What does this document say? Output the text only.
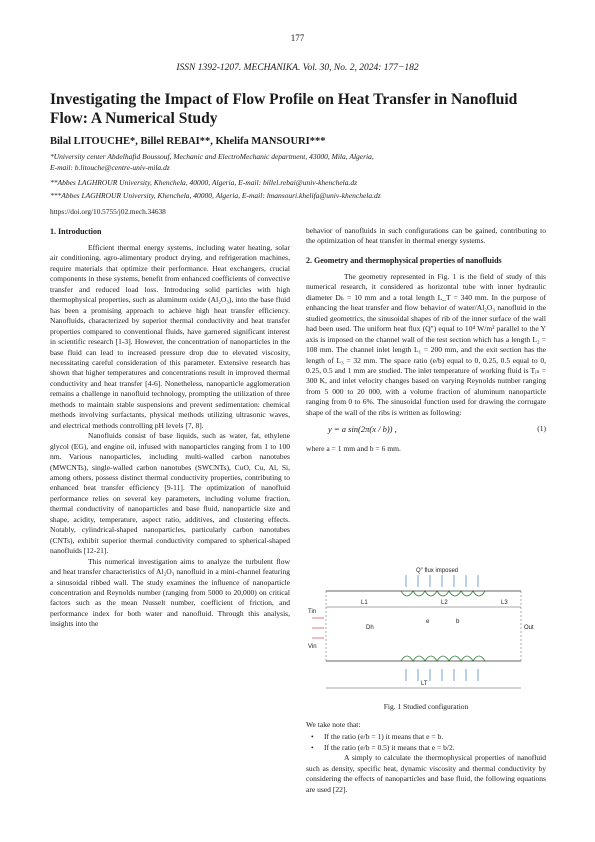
177
ISSN 1392-1207. MECHANIKA. Vol. 30, No. 2, 2024: 177−182
Investigating the Impact of Flow Profile on Heat Transfer in Nanofluid Flow: A Numerical Study
Bilal LITOUCHE*, Billel REBAI**, Khelifa MANSOURI***
*University center Abdelhafid Boussouf, Mechanic and ElectroMechanic department, 43000, Mila, Algeria,
E-mail: b.litouche@centre-univ-mila.dz
**Abbes LAGHROUR University, Khenchela, 40000, Algeria, E-mail: billel.rebai@univ-khenchela.dz
***Abbes LAGHROUR University, Khenchela, 40000, Algeria, E-mail: lmansouri.khelifa@univ-khenchela.dz
https://doi.org/10.5755/j02.mech.34638

1. Introduction

Efficient thermal energy systems, including water heating, solar air conditioning, agro-alimentary product drying, and refrigeration machines, require materials that optimize their performance. Heat exchangers, crucial components in these systems, benefit from enhanced coefficients of convective transfer and reduced load loss. Introducing solid particles with high thermophysical properties, such as aluminum oxide (Al₂O₃), into the base fluid has been a promising approach to achieve high heat transfer efficiency. Nanofluids, characterized by superior thermal conductivity and heat transfer properties compared to conventional fluids, have garnered significant interest in scientific research [1-3]. However, the concentration of nanoparticles in the base fluid can lead to increased pressure drop due to elevated viscosity, necessitating careful consideration of this parameter. Extensive research has shown that higher temperatures and concentrations result in improved thermal conductivity and heat transfer [4-6]. Nonetheless, nanoparticle agglomeration remains a challenge in nanofluid technology, prompting the utilization of three methods to maintain stable suspensions and prevent sedimentation: chemical methods involving surfactants, physical methods utilizing ultrasonic waves, and electrical methods controlling pH levels [7, 8].

Nanofluids consist of base liquids, such as water, fat, ethylene glycol (EG), and engine oil, infused with nanoparticles ranging from 1 to 100 nm. Various nanoparticles, including multi-walled carbon nanotubes (MWCNTs), single-walled carbon nanotubes (SWCNTs), CuO, Cu, Al, Si, among others, possess distinct thermal conductivity properties, contributing to enhanced heat transfer efficiency [9-11]. The optimization of nanofluid performance relies on several key parameters, including volume fraction, thermal conductivity of nanoparticles and base fluid, nanoparticle size and shape, acidity, temperature, aspect ratio, additives, and clustering effects. Notably, cylindrical-shaped nanoparticles, particularly carbon nanotubes (CNTs), exhibit superior thermal conductivity compared to spherical-shaped nanofluids [12-21].

This numerical investigation aims to analyze the turbulent flow and heat transfer characteristics of Al₂O₃ nanofluid in a mini-channel featuring a sinusoidal ribbed wall. The study examines the influence of nanoparticle concentration and Reynolds number (ranging from 5000 to 20,000) on critical factors such as the mean Nusselt number, coefficient of friction, and performance index for both water and nanofluid. Through this analysis, insights into the

behavior of nanofluids in such configurations can be gained, contributing to the optimization of heat transfer in thermal energy systems.

2. Geometry and thermophysical properties of nanofluids

The geometry represented in Fig. 1 is the field of study of this numerical research, it considered as horizontal tube with inner hydraulic diameter Dₕ = 10 mm and a total length L_T = 340 mm. In the purpose of enhancing the heat transfer and flow behavior of water/Al₂O₃ nanofluid in the studied geometrics, the sinusoidal shapes of rib of the inner surface of the wall had been used. The uniform heat flux (Q″) equal to 10⁴ W/m² parallel to the Y axis is imposed on the channel wall of the test section which has a length L₂ = 108 mm. The channel inlet length L₁ = 200 mm, and the exit section has the length of L₃ = 32 mm. The space ratio (e/b) equal to 0, 0.25, 0.5 equal to 0, 0.25, 0.5 and 1 mm are studied. The inlet temperature of working fluid is Tᵢₙ = 300 K, and inlet velocity changes based on varying Reynolds number ranging from 5 000 to 20 000, with a volume fraction of aluminum nanoparticle ranging from 0 to 6%. The sinusoidal function used for drawing the corrugate shape of the wall of the ribs is written as following:

y = a sin(2π(x / b)) ,	(1)

where a = 1 mm and b = 6 mm.

Q″ flux imposed
L1	L2	L3
LT
Tin
Vin
Out
Dh
e	b
Fig. 1 Studied configuration

We take note that:

• If the ratio (e/b = 1) it means that e = b.
• If the ratio (e/b = 0.5) it means that e = b/2.

A simply to calculate the thermophysical properties of nanofluid such as density, specific heat, dynamic viscosity and thermal conductivity by considering the effects of nanoparticles and base fluid, the following equations are used [22].
